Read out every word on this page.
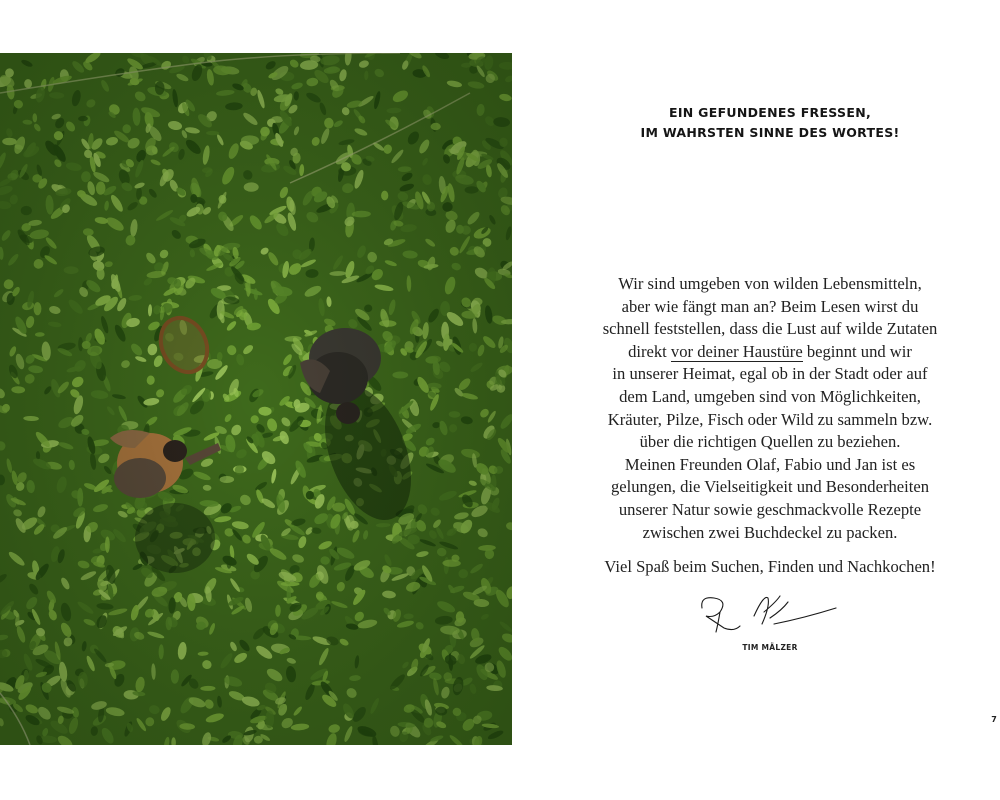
EIN GEFUNDENES FRESSEN,
IM WAHRSTEN SINNE DES WORTES!
Wir sind umgeben von wilden Lebensmitteln,
aber wie fängt man an? Beim Lesen wirst du
schnell feststellen, dass die Lust auf wilde Zutaten
direkt vor deiner Haustüre beginnt und wir
in unserer Heimat, egal ob in der Stadt oder auf
dem Land, umgeben sind von Möglichkeiten,
Kräuter, Pilze, Fisch oder Wild zu sammeln bzw.
über die richtigen Quellen zu beziehen.
Meinen Freunden Olaf, Fabio und Jan ist es
gelungen, die Vielseitigkeit und Besonderheiten
unserer Natur sowie geschmackvolle Rezepte
zwischen zwei Buchdeckel zu packen.
Viel Spaß beim Suchen, Finden und Nachkochen!
TIM MÄLZER
7
